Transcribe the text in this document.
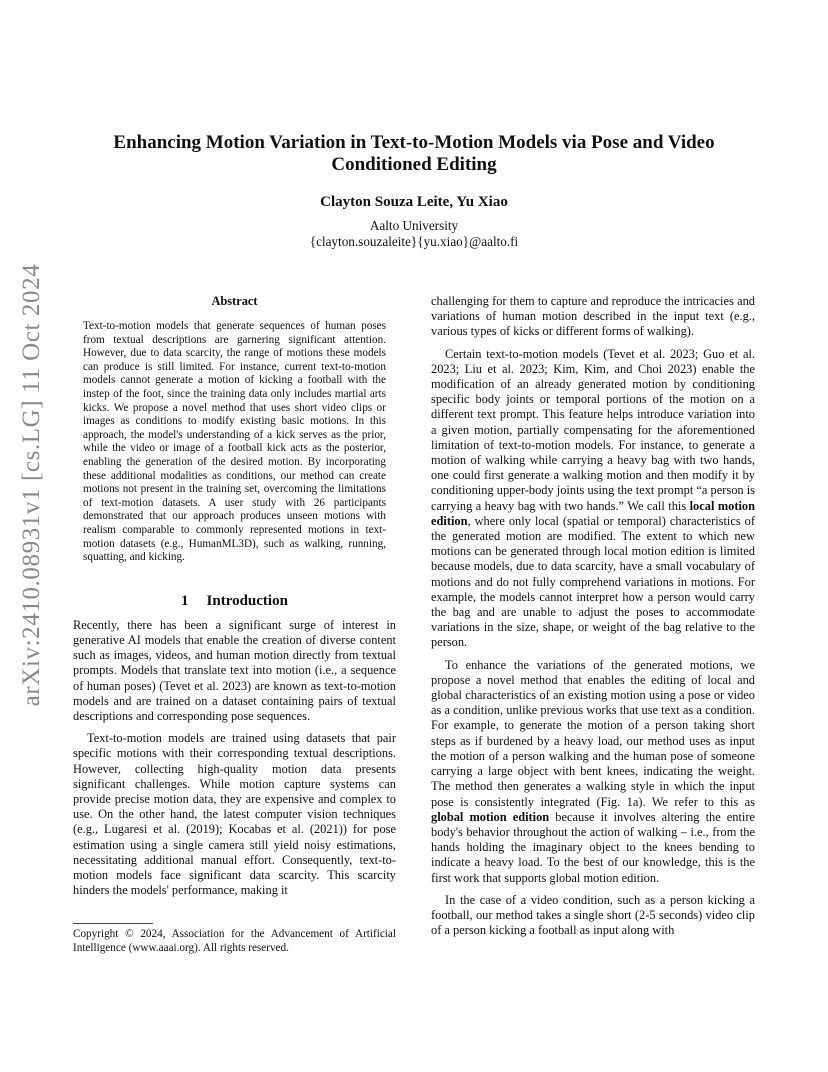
arXiv:2410.08931v1 [cs.LG] 11 Oct 2024
Enhancing Motion Variation in Text-to-Motion Models via Pose and Video Conditioned Editing
Clayton Souza Leite, Yu Xiao
Aalto University
{clayton.souzaleite}{yu.xiao}@aalto.fi
Abstract
Text-to-motion models that generate sequences of human poses from textual descriptions are garnering significant attention. However, due to data scarcity, the range of motions these models can produce is still limited. For instance, current text-to-motion models cannot generate a motion of kicking a football with the instep of the foot, since the training data only includes martial arts kicks. We propose a novel method that uses short video clips or images as conditions to modify existing basic motions. In this approach, the model's understanding of a kick serves as the prior, while the video or image of a football kick acts as the posterior, enabling the generation of the desired motion. By incorporating these additional modalities as conditions, our method can create motions not present in the training set, overcoming the limitations of text-motion datasets. A user study with 26 participants demonstrated that our approach produces unseen motions with realism comparable to commonly represented motions in text-motion datasets (e.g., HumanML3D), such as walking, running, squatting, and kicking.
1 Introduction

Recently, there has been a significant surge of interest in generative AI models that enable the creation of diverse content such as images, videos, and human motion directly from textual prompts. Models that translate text into motion (i.e., a sequence of human poses) (Tevet et al. 2023) are known as text-to-motion models and are trained on a dataset containing pairs of textual descriptions and corresponding pose sequences.

Text-to-motion models are trained using datasets that pair specific motions with their corresponding textual descriptions. However, collecting high-quality motion data presents significant challenges. While motion capture systems can provide precise motion data, they are expensive and complex to use. On the other hand, the latest computer vision techniques (e.g., Lugaresi et al. (2019); Kocabas et al. (2021)) for pose estimation using a single camera still yield noisy estimations, necessitating additional manual effort. Consequently, text-to-motion models face significant data scarcity. This scarcity hinders the models' performance, making it

Copyright © 2024, Association for the Advancement of Artificial Intelligence (www.aaai.org). All rights reserved.

challenging for them to capture and reproduce the intricacies and variations of human motion described in the input text (e.g., various types of kicks or different forms of walking).

Certain text-to-motion models (Tevet et al. 2023; Guo et al. 2023; Liu et al. 2023; Kim, Kim, and Choi 2023) enable the modification of an already generated motion by conditioning specific body joints or temporal portions of the motion on a different text prompt. This feature helps introduce variation into a given motion, partially compensating for the aforementioned limitation of text-to-motion models. For instance, to generate a motion of walking while carrying a heavy bag with two hands, one could first generate a walking motion and then modify it by conditioning upper-body joints using the text prompt “a person is carrying a heavy bag with two hands.” We call this local motion edition, where only local (spatial or temporal) characteristics of the generated motion are modified. The extent to which new motions can be generated through local motion edition is limited because models, due to data scarcity, have a small vocabulary of motions and do not fully comprehend variations in motions. For example, the models cannot interpret how a person would carry the bag and are unable to adjust the poses to accommodate variations in the size, shape, or weight of the bag relative to the person.

To enhance the variations of the generated motions, we propose a novel method that enables the editing of local and global characteristics of an existing motion using a pose or video as a condition, unlike previous works that use text as a condition. For example, to generate the motion of a person taking short steps as if burdened by a heavy load, our method uses as input the motion of a person walking and the human pose of someone carrying a large object with bent knees, indicating the weight. The method then generates a walking style in which the input pose is consistently integrated (Fig. 1a). We refer to this as global motion edition because it involves altering the entire body's behavior throughout the action of walking – i.e., from the hands holding the imaginary object to the knees bending to indicate a heavy load. To the best of our knowledge, this is the first work that supports global motion edition.

In the case of a video condition, such as a person kicking a football, our method takes a single short (2-5 seconds) video clip of a person kicking a football as input along with
